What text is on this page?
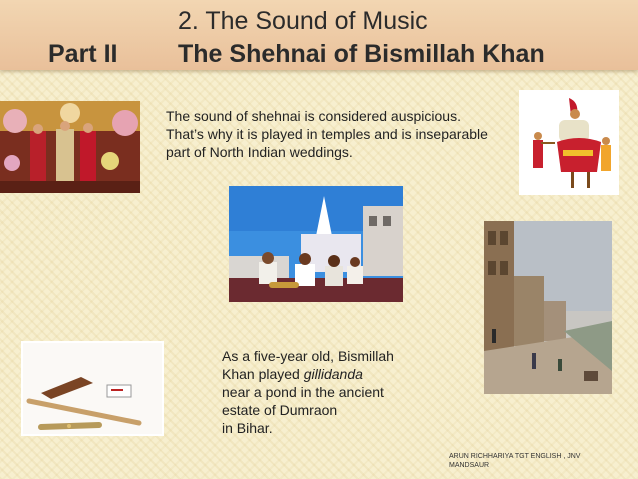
2. The Sound of Music
Part II The Shehnai of Bismillah Khan
The sound of shehnai is considered auspicious. That’s why it is played in temples and is inseparable part of North Indian weddings.
As a five-year old, Bismillah
Khan played gillidanda
near a pond in the ancient
estate of Dumraon
in Bihar.
ARUN RICHHARIYA TGT ENGLISH , JNV MANDSAUR
